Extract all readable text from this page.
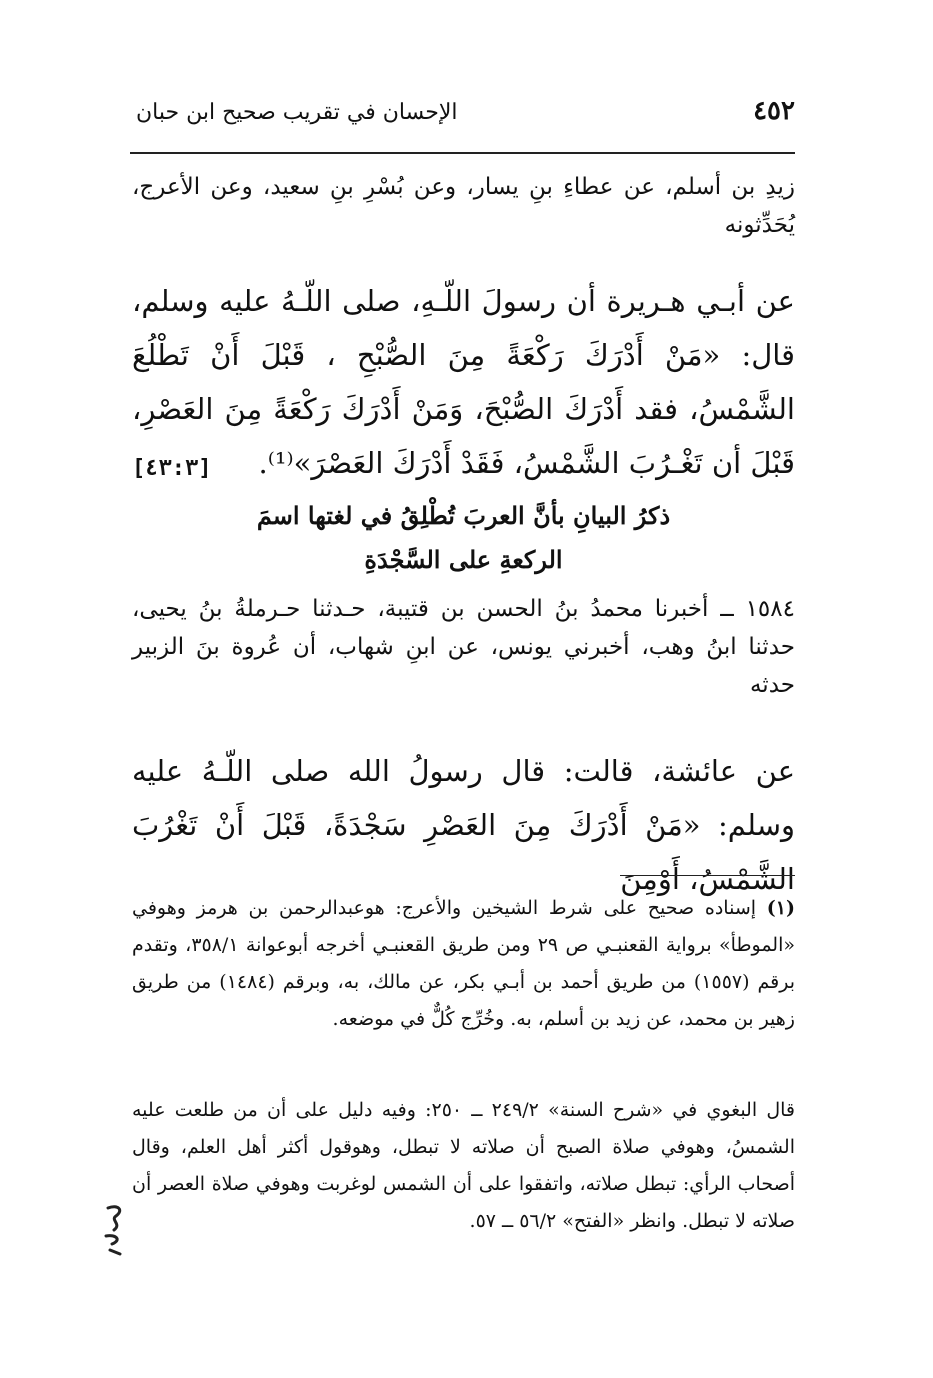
٤٥٢
الإحسان في تقريب صحيح ابن حبان
زيدِ بن أسلم، عن عطاءِ بنِ يسار، وعن بُسْرِ بنِ سعيد، وعن الأعرج، يُحَدِّثونه
عن أبـي هـريرة أن رسولَ اللّـهِ، صلى اللّـهُ عليه وسلم، قال: «مَنْ أَدْرَكَ رَكْعَةً مِنَ الصُّبْحِ ، قَبْلَ أَنْ تَطْلُعَ الشَّمْسُ، فقد أَدْرَكَ الصُّبْحَ، وَمَنْ أَدْرَكَ رَكْعَةً مِنَ العَصْرِ، قَبْلَ أن تَغْـرُبَ الشَّمْسُ، فَقَدْ أَدْرَكَ العَصْرَ»⁽¹⁾.
[٤٣:٣]
ذكرُ البيانِ بأنَّ العربَ تُطْلِقُ في لغتها اسمَ
الركعةِ على السَّجْدَةِ
١٥٨٤ ــ أخبرنا محمدُ بنُ الحسن بن قتيبة، حـدثنا حـرملةُ بنُ يحيى، حدثنا ابنُ وهب، أخبرني يونس، عن ابنِ شهاب، أن عُروة بنَ الزبير حدثه
عن عائشة، قالت: قال رسولُ الله صلى اللّـهُ عليه وسلم: «مَنْ أَدْرَكَ مِنَ العَصْرِ سَجْدَةً، قَبْلَ أَنْ تَغْرُبَ الشَّمْسُ، أَوْمِنَ
(١) إسناده صحيح على شرط الشيخين والأعرج: هوعبدالرحمن بن هرمز وهوفي «الموطأ» برواية القعنبـي ص ٢٩ ومن طريق القعنبـي أخرجه أبوعوانة ٣٥٨/١، وتقدم برقم (١٥٥٧) من طريق أحمد بن أبـي بكر، عن مالك، به، وبرقم (١٤٨٤) من طريق زهير بن محمد، عن زيد بن أسلم، به. وخُرِّج كُلٌّ في موضعه.
قال البغوي في «شرح السنة» ٢٤٩/٢ ــ ٢٥٠: وفيه دليل على أن من طلعت عليه الشمسُ، وهوفي صلاة الصبح أن صلاته لا تبطل، وهوقول أكثر أهل العلم، وقال أصحاب الرأي: تبطل صلاته، واتفقوا على أن الشمس لوغربت وهوفي صلاة العصر أن صلاته لا تبطل. وانظر «الفتح» ٥٦/٢ ــ ٥٧.
